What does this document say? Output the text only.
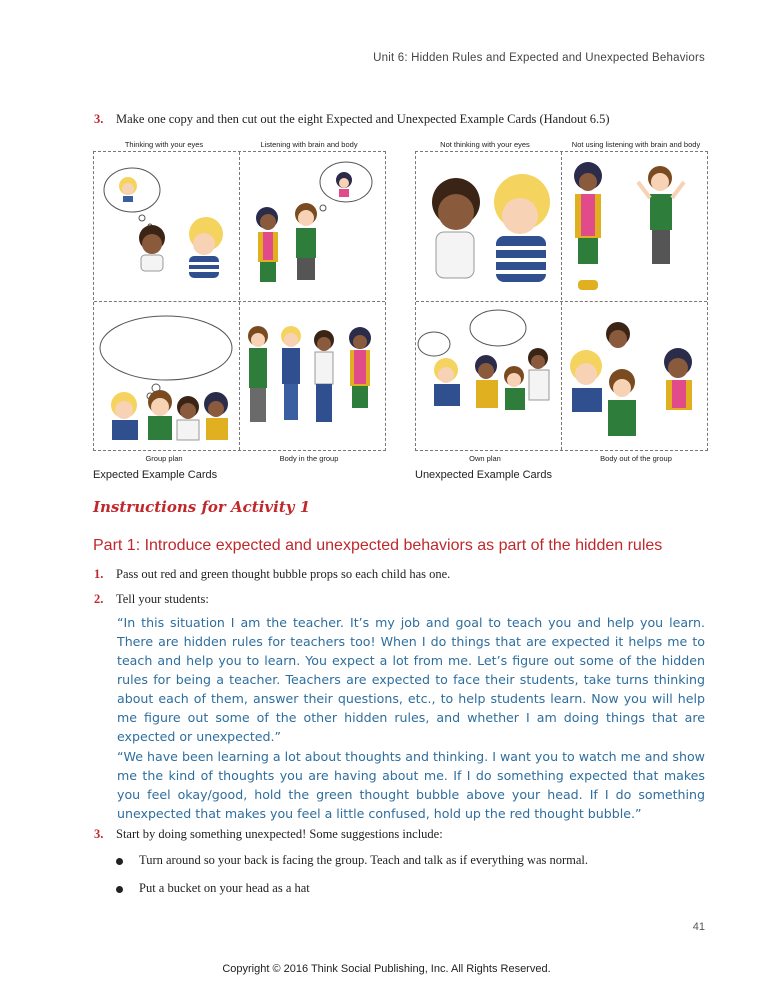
Unit 6: Hidden Rules and Expected and Unexpected Behaviors
3. Make one copy and then cut out the eight Expected and Unexpected Example Cards (Handout 6.5)
Thinking with your eyes	Listening with brain and body	Not thinking with your eyes	Not using listening with brain and body
Group plan	Body in the group	Own plan	Body out of the group
Expected Example Cards	Unexpected Example Cards
Instructions for Activity 1
Part 1: Introduce expected and unexpected behaviors as part of the hidden rules
1. Pass out red and green thought bubble props so each child has one.
2. Tell your students:
“In this situation I am the teacher. It’s my job and goal to teach you and help you learn. There are hidden rules for teachers too! When I do things that are expected it helps me to teach and help you to learn. You expect a lot from me. Let’s figure out some of the hidden rules for being a teacher. Teachers are expected to face their students, take turns thinking about each of them, answer their questions, etc., to help students learn. Now you will help me figure out some of the other hidden rules, and whether I am doing things that are expected or unexpected.”
“We have been learning a lot about thoughts and thinking. I want you to watch me and show me the kind of thoughts you are having about me. If I do something expected that makes you feel okay/good, hold the green thought bubble above your head. If I do something unexpected that makes you feel a little confused, hold up the red thought bubble.”
3. Start by doing something unexpected! Some suggestions include:
Turn around so your back is facing the group. Teach and talk as if everything was normal.
Put a bucket on your head as a hat
41
Copyright © 2016 Think Social Publishing, Inc. All Rights Reserved.
